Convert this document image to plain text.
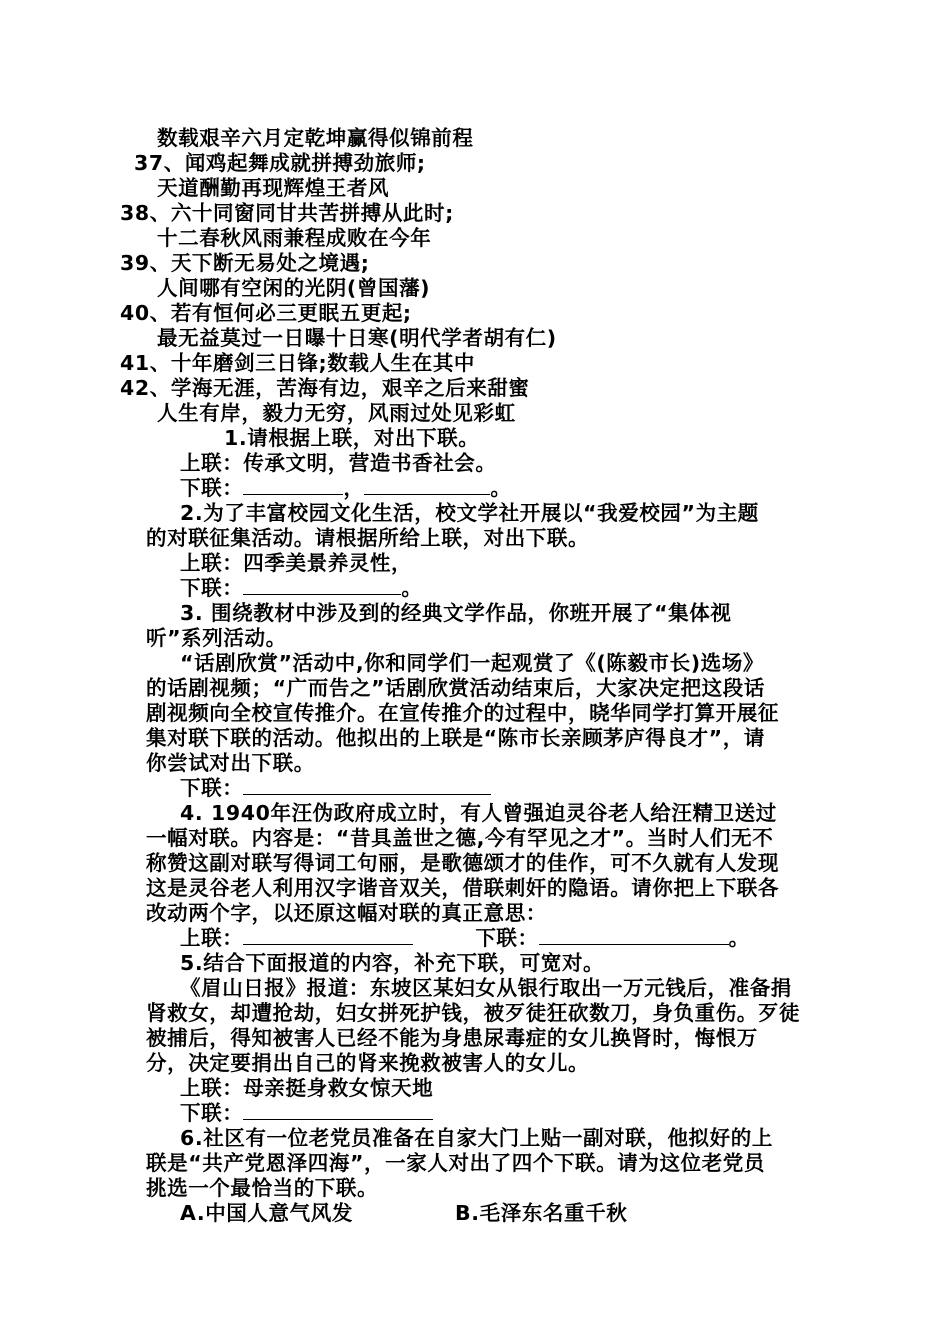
数载艰辛六月定乾坤赢得似锦前程
37、闻鸡起舞成就拼搏劲旅师;
天道酬勤再现辉煌王者风
38、六十同窗同甘共苦拼搏从此时;
十二春秋风雨兼程成败在今年
39、天下断无易处之境遇;
人间哪有空闲的光阴(曾国藩)
40、若有恒何必三更眠五更起;
最无益莫过一日曝十日寒(明代学者胡有仁)
41、十年磨剑三日锋;数载人生在其中
42、学海无涯，苦海有边，艰辛之后来甜蜜
人生有岸，毅力无穷，风雨过处见彩虹
1.请根据上联，对出下联。
上联：传承文明，营造书香社会。
下联：	，	。
2.为了丰富校园文化生活，校文学社开展以“我爱校园”为主题
的对联征集活动。请根据所给上联，对出下联。
上联：四季美景养灵性，
下联：	。
3. 围绕教材中涉及到的经典文学作品，你班开展了“集体视
听”系列活动。
“话剧欣赏”活动中,你和同学们一起观赏了《(陈毅市长)选场》
的话剧视频；“广而告之”话剧欣赏活动结束后，大家决定把这段话
剧视频向全校宣传推介。在宣传推介的过程中，晓华同学打算开展征
集对联下联的活动。他拟出的上联是“陈市长亲顾茅庐得良才”，请
你尝试对出下联。
下联：
4. 1940年汪伪政府成立时，有人曾强迫灵谷老人给汪精卫送过
一幅对联。内容是：“昔具盖世之德,今有罕见之才”。当时人们无不
称赞这副对联写得词工句丽，是歌德颂才的佳作，可不久就有人发现
这是灵谷老人利用汉字谐音双关，借联刺奸的隐语。请你把上下联各
改动两个字，以还原这幅对联的真正意思：
上联：	下联：	。
5.结合下面报道的内容，补充下联，可宽对。
《眉山日报》报道：东坡区某妇女从银行取出一万元钱后，准备捐
肾救女，却遭抢劫，妇女拼死护钱，被歹徒狂砍数刀，身负重伤。歹徒
被捕后，得知被害人已经不能为身患尿毒症的女儿换肾时，悔恨万
分，决定要捐出自己的肾来挽救被害人的女儿。
上联：母亲挺身救女惊天地
下联：
6.社区有一位老党员准备在自家大门上贴一副对联，他拟好的上
联是“共产党恩泽四海”，一家人对出了四个下联。请为这位老党员
挑选一个最恰当的下联。
A.中国人意气风发	B.毛泽东名重千秋
